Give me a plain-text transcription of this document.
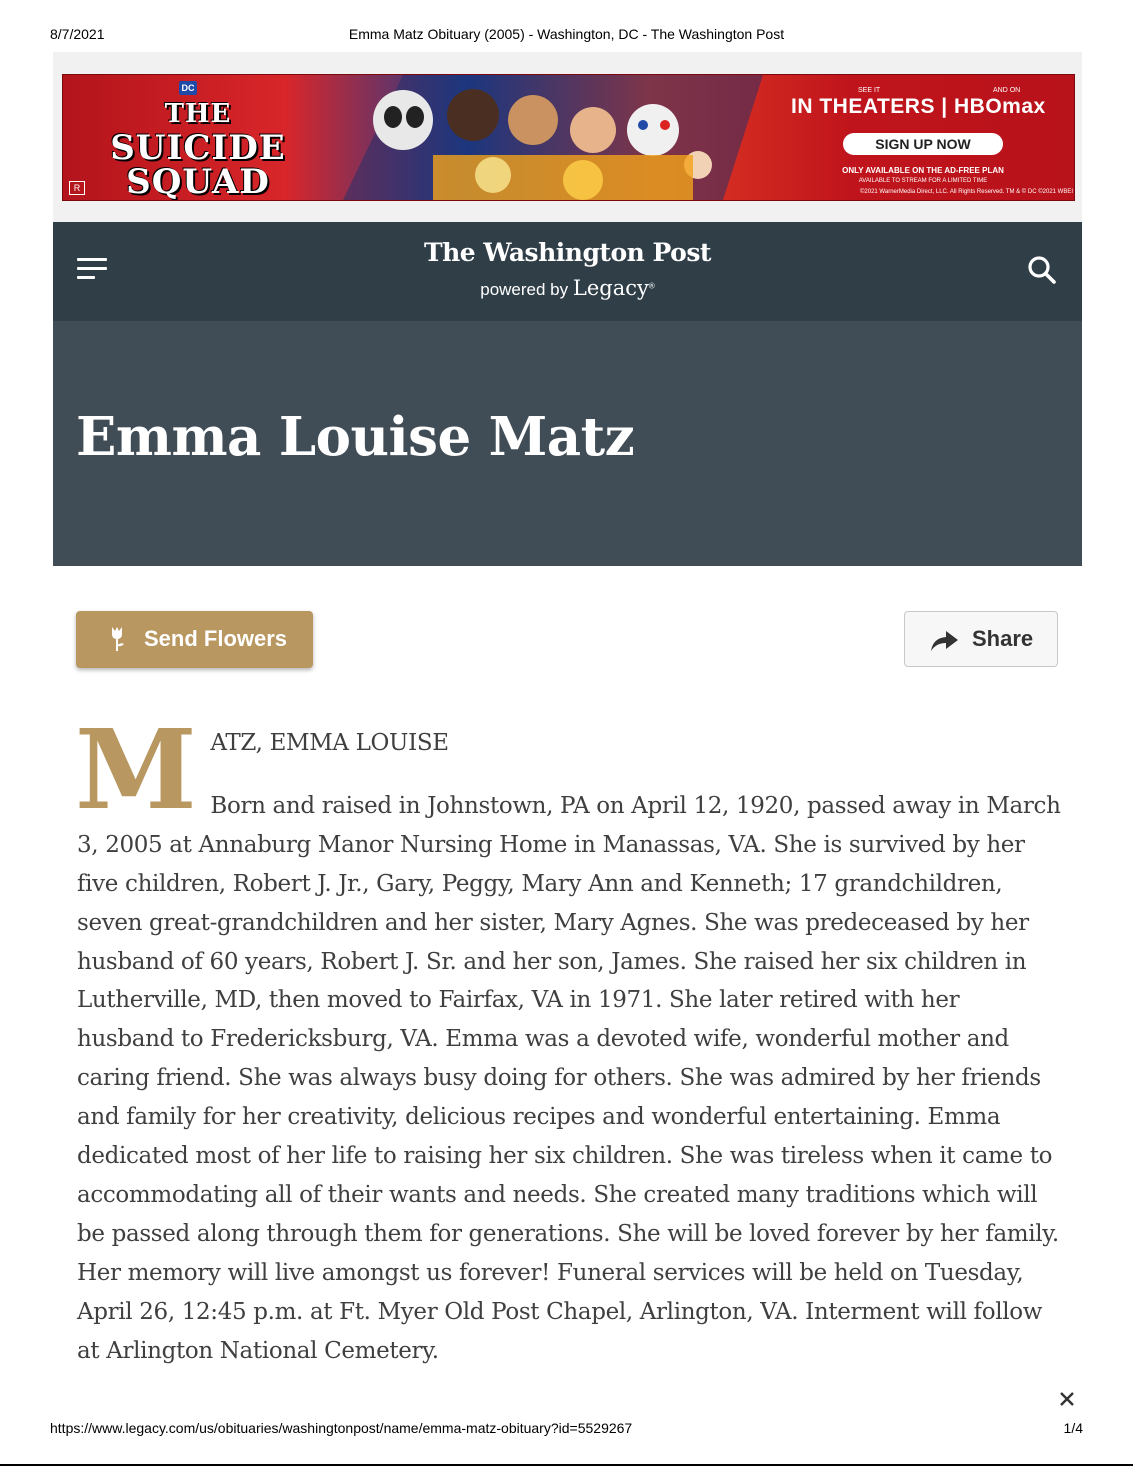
8/7/2021	Emma Matz Obituary (2005) - Washington, DC - The Washington Post
DC
THE
SUICIDE SQUAD
R
SEE IT	AND ON
IN THEATERS | HBOmax
SIGN UP NOW
ONLY AVAILABLE ON THE AD-FREE PLAN
AVAILABLE TO STREAM FOR A LIMITED TIME
©2021 WarnerMedia Direct, LLC. All Rights Reserved. TM & © DC ©2021 WBEI
The Washington Post
powered by Legacy®
Emma Louise Matz
Send Flowers	Share
M ATZ, EMMA LOUISE
Born and raised in Johnstown, PA on April 12, 1920, passed away in March 3, 2005 at Annaburg Manor Nursing Home in Manassas, VA. She is survived by her five children, Robert J. Jr., Gary, Peggy, Mary Ann and Kenneth; 17 grandchildren, seven great-grandchildren and her sister, Mary Agnes. She was predeceased by her husband of 60 years, Robert J. Sr. and her son, James. She raised her six children in Lutherville, MD, then moved to Fairfax, VA in 1971. She later retired with her husband to Fredericksburg, VA. Emma was a devoted wife, wonderful mother and caring friend. She was always busy doing for others. She was admired by her friends and family for her creativity, delicious recipes and wonderful entertaining. Emma dedicated most of her life to raising her six children. She was tireless when it came to accommodating all of their wants and needs. She created many traditions which will be passed along through them for generations. She will be loved forever by her family. Her memory will live amongst us forever! Funeral services will be held on Tuesday, April 26, 12:45 p.m. at Ft. Myer Old Post Chapel, Arlington, VA. Interment will follow at Arlington National Cemetery.
https://www.legacy.com/us/obituaries/washingtonpost/name/emma-matz-obituary?id=5529267	1/4
